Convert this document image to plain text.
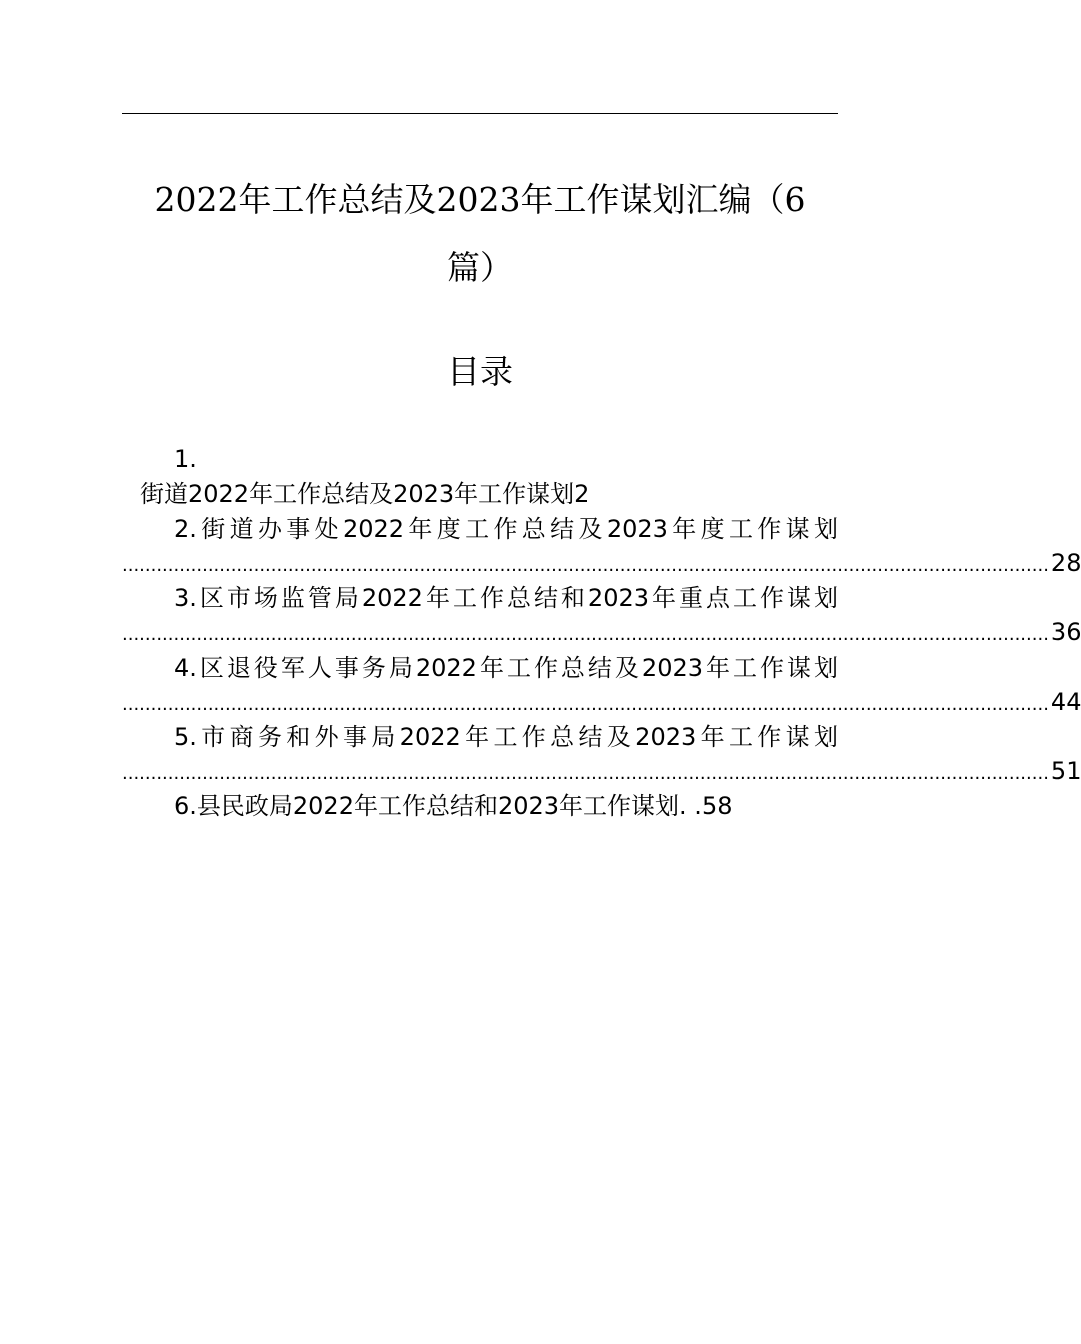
2022年工作总结及2023年工作谋划汇编（6
篇）
目录
1.
街道2022年工作总结及2023年工作谋划2
2.街道办事处2022年度工作总结及2023年度工作谋划
.................................................................................................................................................................. 28
3.区市场监管局2022年工作总结和2023年重点工作谋划
.................................................................................................................................................................. 36
4.区退役军人事务局2022年工作总结及2023年工作谋划
.................................................................................................................................................................. 44
5.市商务和外事局2022年工作总结及2023年工作谋划
.................................................................................................................................................................. 51
6.县民政局2022年工作总结和2023年工作谋划. .58
